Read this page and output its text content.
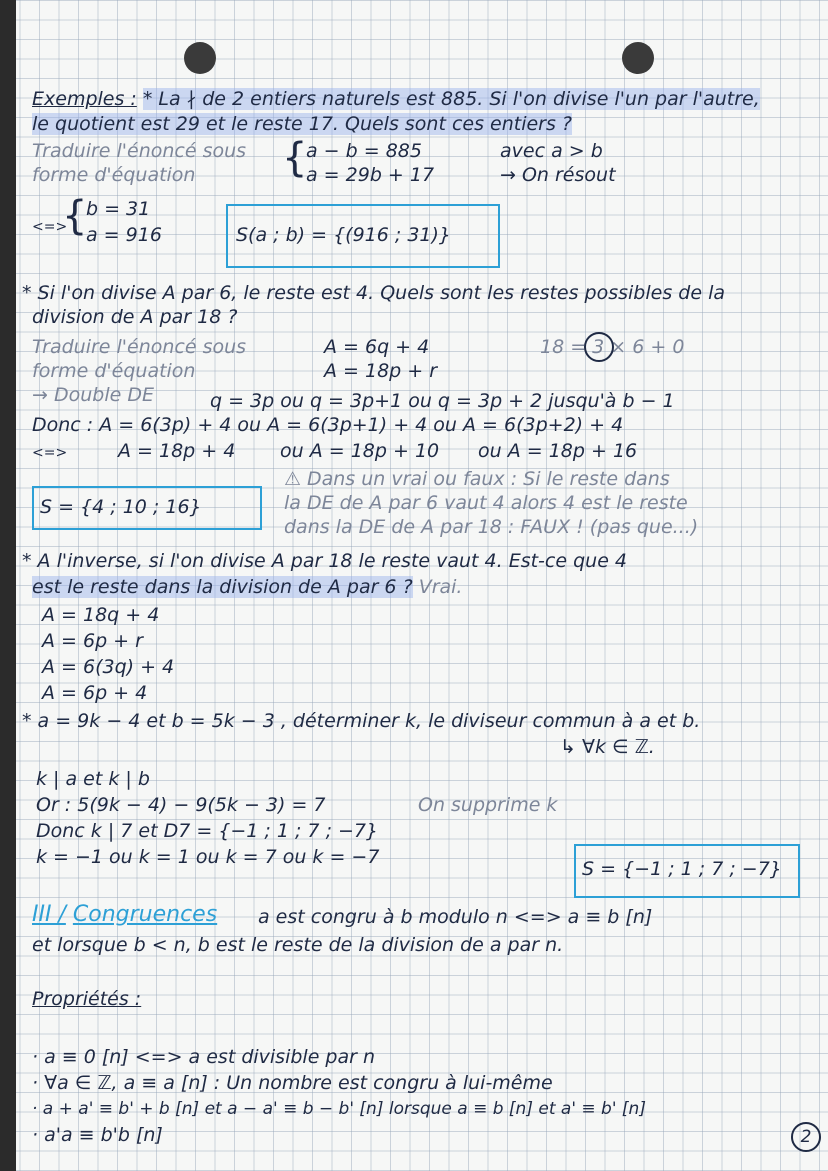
Exemples : * La ∤ de 2 entiers naturels est 885. Si l'on divise l'un par l'autre,
le quotient est 29 et le reste 17. Quels sont ces entiers ?
Traduire l'énoncé sous
forme d'équation {
a − b = 885
a = 29b + 17
avec a > b
→ On résout
<=>
{
b = 31
a = 916	S(a ; b) = {(916 ; 31)}
* Si l'on divise A par 6, le reste est 4. Quels sont les restes possibles de la
division de A par 18 ?
Traduire l'énoncé sous
forme d'équation
A = 6q + 4
A = 18p + r
18 = 3 × 6 + 0
→ Double DE	q = 3p ou q = 3p+1 ou q = 3p + 2 jusqu'à b − 1
Donc : A = 6(3p) + 4 ou A = 6(3p+1) + 4 ou A = 6(3p+2) + 4
<=>	A = 18p + 4 ou A = 18p + 10 ou A = 18p + 16
⚠ Dans un vrai ou faux : Si le reste dans
la DE de A par 6 vaut 4 alors 4 est le reste
dans la DE de A par 18 : FAUX ! (pas que...)
S = {4 ; 10 ; 16}
* A l'inverse, si l'on divise A par 18 le reste vaut 4. Est-ce que 4
est le reste dans la division de A par 6 ? Vrai.
A = 18q + 4
A = 6p + r
A = 6(3q) + 4
A = 6p + 4
* a = 9k − 4 et b = 5k − 3 , déterminer k, le diviseur commun à a et b.
↳ ∀k ∈ ℤ.
k | a et k | b
Or : 5(9k − 4) − 9(5k − 3) = 7	On supprime k
Donc k | 7 et D7 = {−1 ; 1 ; 7 ; −7}
k = −1 ou k = 1 ou k = 7 ou k = −7
S = {−1 ; 1 ; 7 ; −7}
III / Congruences a est congru à b modulo n <=> a ≡ b [n]
et lorsque b < n, b est le reste de la division de a par n.
Propriétés :
· a ≡ 0 [n] <=> a est divisible par n
· ∀a ∈ ℤ, a ≡ a [n] : Un nombre est congru à lui-même
· a + a' ≡ b' + b [n] et a − a' ≡ b − b' [n] lorsque a ≡ b [n] et a' ≡ b' [n]
· a'a ≡ b'b [n]	2
